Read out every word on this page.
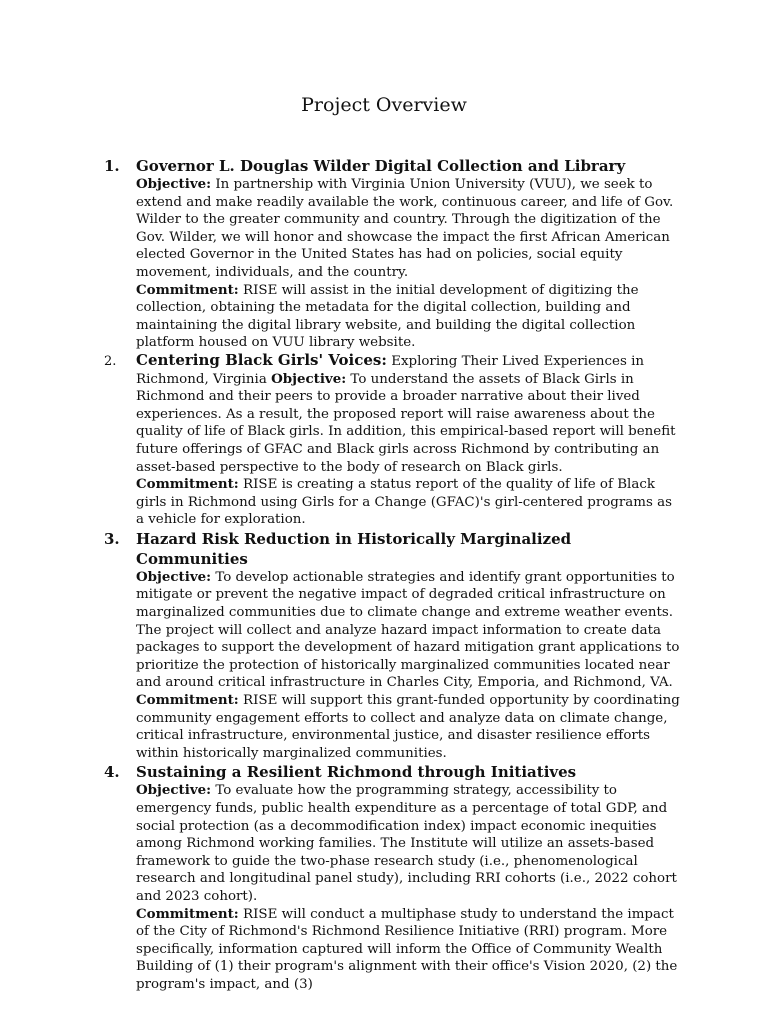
Project Overview
1.	Governor L. Douglas Wilder Digital Collection and Library

Objective: In partnership with Virginia Union University (VUU), we seek to extend and make readily available the work, continuous career, and life of Gov. Wilder to the greater community and country. Through the digitization of the Gov. Wilder, we will honor and showcase the impact the first African American elected Governor in the United States has had on policies, social equity movement, individuals, and the country.

Commitment: RISE will assist in the initial development of digitizing the collection, obtaining the metadata for the digital collection, building and maintaining the digital library website, and building the digital collection platform housed on VUU library website.

2.	Centering Black Girls' Voices: Exploring Their Lived Experiences in Richmond, Virginia Objective: To understand the assets of Black Girls in Richmond and their peers to provide a broader narrative about their lived experiences. As a result, the proposed report will raise awareness about the quality of life of Black girls. In addition, this empirical-based report will benefit future offerings of GFAC and Black girls across Richmond by contributing an asset-based perspective to the body of research on Black girls.

Commitment: RISE is creating a status report of the quality of life of Black girls in Richmond using Girls for a Change (GFAC)'s girl-centered programs as a vehicle for exploration.

3.	Hazard Risk Reduction in Historically Marginalized Communities

Objective: To develop actionable strategies and identify grant opportunities to mitigate or prevent the negative impact of degraded critical infrastructure on marginalized communities due to climate change and extreme weather events. The project will collect and analyze hazard impact information to create data packages to support the development of hazard mitigation grant applications to prioritize the protection of historically marginalized communities located near and around critical infrastructure in Charles City, Emporia, and Richmond, VA.

Commitment: RISE will support this grant-funded opportunity by coordinating community engagement efforts to collect and analyze data on climate change, critical infrastructure, environmental justice, and disaster resilience efforts within historically marginalized communities.

4.	Sustaining a Resilient Richmond through Initiatives

Objective: To evaluate how the programming strategy, accessibility to emergency funds, public health expenditure as a percentage of total GDP, and social protection (as a decommodification index) impact economic inequities among Richmond working families. The Institute will utilize an assets-based framework to guide the two-phase research study (i.e., phenomenological research and longitudinal panel study), including RRI cohorts (i.e., 2022 cohort and 2023 cohort).

Commitment: RISE will conduct a multiphase study to understand the impact of the City of Richmond's Richmond Resilience Initiative (RRI) program. More specifically, information captured will inform the Office of Community Wealth Building of (1) their program's alignment with their office's Vision 2020, (2) the program's impact, and (3)
